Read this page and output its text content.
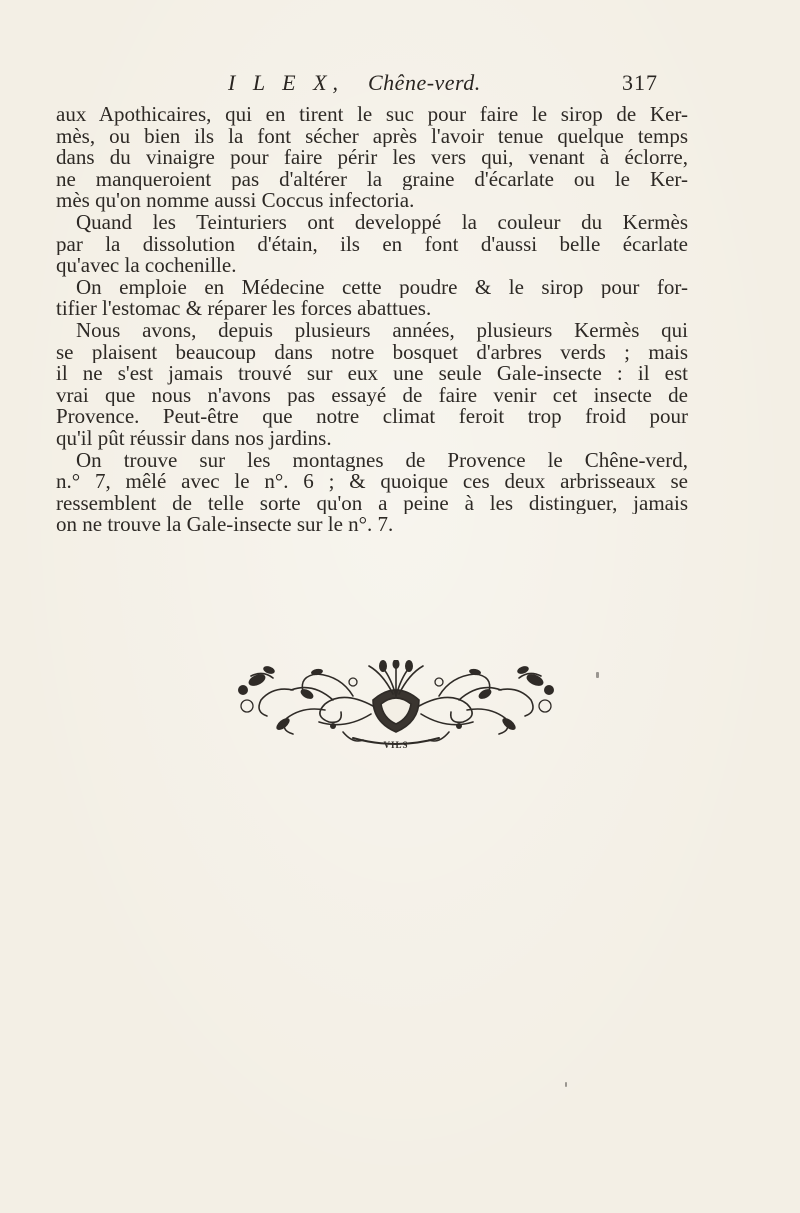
I L E X, Chêne-verd.	317
aux Apothicaires, qui en tirent le suc pour faire le sirop de Ker-
mès, ou bien ils la font sécher après l'avoir tenue quelque temps
dans du vinaigre pour faire périr les vers qui, venant à éclorre,
ne manqueroient pas d'altérer la graine d'écarlate ou le Ker-
mès qu'on nomme aussi Coccus infectoria.
Quand les Teinturiers ont developpé la couleur du Kermès
par la dissolution d'étain, ils en font d'aussi belle écarlate
qu'avec la cochenille.
On emploie en Médecine cette poudre & le sirop pour for-
tifier l'estomac & réparer les forces abattues.
Nous avons, depuis plusieurs années, plusieurs Kermès qui
se plaisent beaucoup dans notre bosquet d'arbres verds ; mais
il ne s'est jamais trouvé sur eux une seule Gale-insecte : il est
vrai que nous n'avons pas essayé de faire venir cet insecte de
Provence. Peut-être que notre climat feroit trop froid pour
qu'il pût réussir dans nos jardins.
On trouve sur les montagnes de Provence le Chêne-verd,
n.° 7, mêlé avec le n°. 6 ; & quoique ces deux arbrisseaux se
ressemblent de telle sorte qu'on a peine à les distinguer, jamais
on ne trouve la Gale-insecte sur le n°. 7.
VILS
